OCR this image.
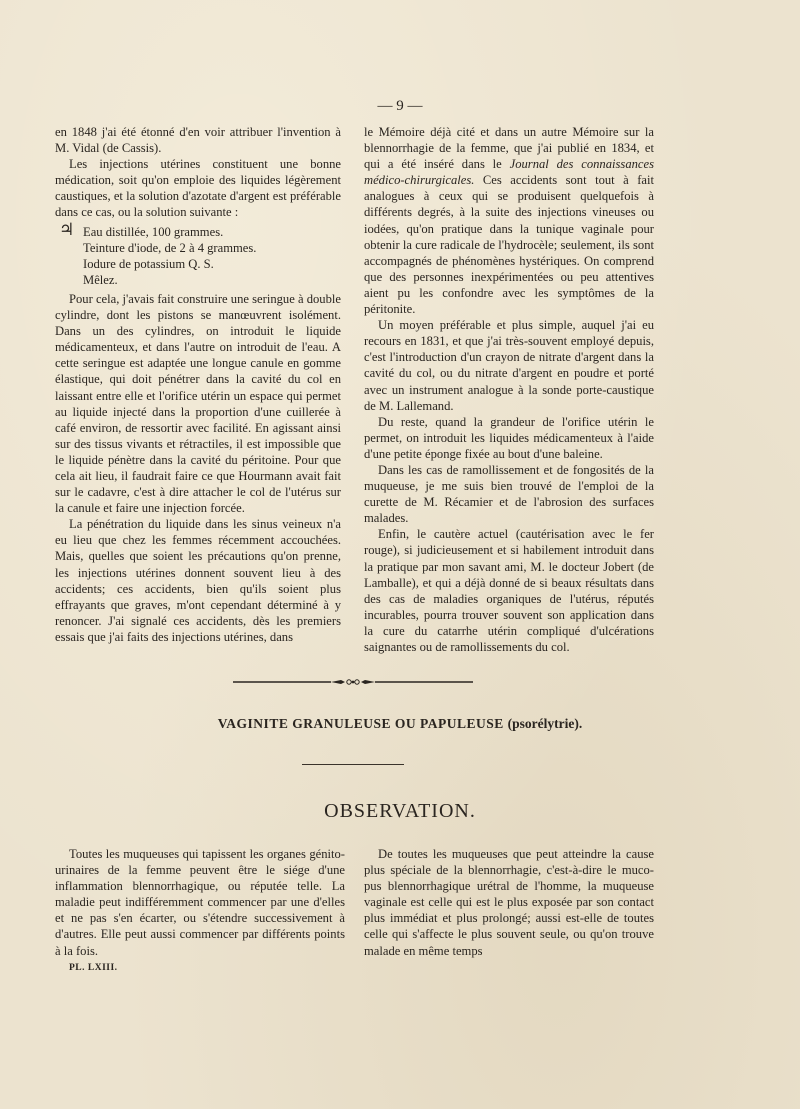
— 9 —

en 1848 j'ai été étonné d'en voir attribuer l'invention à M. Vidal (de Cassis).

Les injections utérines constituent une bonne médication, soit qu'on emploie des liquides légèrement caustiques, et la solution d'azotate d'argent est préférable dans ce cas, ou la solution suivante :

♃ Eau distillée, 100 grammes.
Teinture d'iode, de 2 à 4 grammes.
Iodure de potassium Q. S.
Mêlez.

Pour cela, j'avais fait construire une seringue à double cylindre, dont les pistons se manœuvrent isolément. Dans un des cylindres, on introduit le liquide médicamenteux, et dans l'autre on introduit de l'eau. A cette seringue est adaptée une longue canule en gomme élastique, qui doit pénétrer dans la cavité du col en laissant entre elle et l'orifice utérin un espace qui permet au liquide injecté dans la proportion d'une cuillerée à café environ, de ressortir avec facilité. En agissant ainsi sur des tissus vivants et rétractiles, il est impossible que le liquide pénètre dans la cavité du péritoine. Pour que cela ait lieu, il faudrait faire ce que Hourmann avait fait sur le cadavre, c'est à dire attacher le col de l'utérus sur la canule et faire une injection forcée.

La pénétration du liquide dans les sinus veineux n'a eu lieu que chez les femmes récemment accouchées. Mais, quelles que soient les précautions qu'on prenne, les injections utérines donnent souvent lieu à des accidents; ces accidents, bien qu'ils soient plus effrayants que graves, m'ont cependant déterminé à y renoncer. J'ai signalé ces accidents, dès les premiers essais que j'ai faits des injections utérines, dans

le Mémoire déjà cité et dans un autre Mémoire sur la blennorrhagie de la femme, que j'ai publié en 1834, et qui a été inséré dans le Journal des connaissances médico-chirurgicales. Ces accidents sont tout à fait analogues à ceux qui se produisent quelquefois à différents degrés, à la suite des injections vineuses ou iodées, qu'on pratique dans la tunique vaginale pour obtenir la cure radicale de l'hydrocèle; seulement, ils sont accompagnés de phénomènes hystériques. On comprend que des personnes inexpérimentées ou peu attentives aient pu les confondre avec les symptômes de la péritonite.

Un moyen préférable et plus simple, auquel j'ai eu recours en 1831, et que j'ai très-souvent employé depuis, c'est l'introduction d'un crayon de nitrate d'argent dans la cavité du col, ou du nitrate d'argent en poudre et porté avec un instrument analogue à la sonde porte-caustique de M. Lallemand.

Du reste, quand la grandeur de l'orifice utérin le permet, on introduit les liquides médicamenteux à l'aide d'une petite éponge fixée au bout d'une baleine.

Dans les cas de ramollissement et de fongosités de la muqueuse, je me suis bien trouvé de l'emploi de la curette de M. Récamier et de l'abrosion des surfaces malades.

Enfin, le cautère actuel (cautérisation avec le fer rouge), si judicieusement et si habilement introduit dans la pratique par mon savant ami, M. le docteur Jobert (de Lamballe), et qui a déjà donné de si beaux résultats dans des cas de maladies organiques de l'utérus, réputés incurables, pourra trouver souvent son application dans la cure du catarrhe utérin compliqué d'ulcérations saignantes ou de ramollissements du col.

VAGINITE GRANULEUSE OU PAPULEUSE (psorélytrie).
OBSERVATION.

Toutes les muqueuses qui tapissent les organes génito-urinaires de la femme peuvent être le siége d'une inflammation blennorrhagique, ou réputée telle. La maladie peut indifféremment commencer par une d'elles et ne pas s'en écarter, ou s'étendre successivement à d'autres. Elle peut aussi commencer par différents points à la fois.

PL. LXIII.

De toutes les muqueuses que peut atteindre la cause plus spéciale de la blennorrhagie, c'est-à-dire le muco-pus blennorrhagique urétral de l'homme, la muqueuse vaginale est celle qui est le plus exposée par son contact plus immédiat et plus prolongé; aussi est-elle de toutes celle qui s'affecte le plus souvent seule, ou qu'on trouve malade en même temps
